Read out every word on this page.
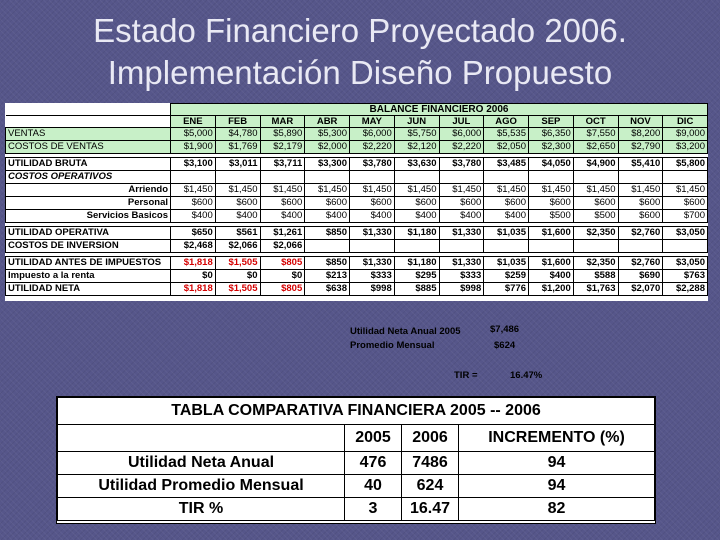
Estado Financiero Proyectado 2006.
Implementación Diseño Propuesto
	BALANCE FINANCIERO 2006											
	ENE	FEB	MAR	ABR	MAY	JUN	JUL	AGO	SEP	OCT	NOV	DIC
VENTAS	$5,000	$4,780	$5,890	$5,300	$6,000	$5,750	$6,000	$5,535	$6,350	$7,550	$8,200	$9,000
COSTOS DE VENTAS	$1,900	$1,769	$2,179	$2,000	$2,220	$2,120	$2,220	$2,050	$2,300	$2,650	$2,790	$3,200

UTILIDAD BRUTA	$3,100	$3,011	$3,711	$3,300	$3,780	$3,630	$3,780	$3,485	$4,050	$4,900	$5,410	$5,800
COSTOS OPERATIVOS												
Arriendo	$1,450	$1,450	$1,450	$1,450	$1,450	$1,450	$1,450	$1,450	$1,450	$1,450	$1,450	$1,450
Personal	$600	$600	$600	$600	$600	$600	$600	$600	$600	$600	$600	$600
Servicios Basicos	$400	$400	$400	$400	$400	$400	$400	$400	$500	$500	$600	$700

UTILIDAD OPERATIVA	$650	$561	$1,261	$850	$1,330	$1,180	$1,330	$1,035	$1,600	$2,350	$2,760	$3,050
COSTOS DE INVERSION	$2,468	$2,066	$2,066									

UTILIDAD ANTES DE IMPUESTOS	$1,818	$1,505	$805	$850	$1,330	$1,180	$1,330	$1,035	$1,600	$2,350	$2,760	$3,050
Impuesto a la renta	$0	$0	$0	$213	$333	$295	$333	$259	$400	$588	$690	$763
UTILIDAD NETA	$1,818	$1,505	$805	$638	$998	$885	$998	$776	$1,200	$1,763	$2,070	$2,288
Utilidad Neta Anual 2005	$7,486
Promedio Mensual	$624
TIR =	16.47%
TABLA COMPARATIVA FINANCIERA 2005 -- 2006			
	2005	2006	INCREMENTO (%)
Utilidad Neta Anual	476	7486	94
Utilidad Promedio Mensual	40	624	94
TIR %	3	16.47	82
